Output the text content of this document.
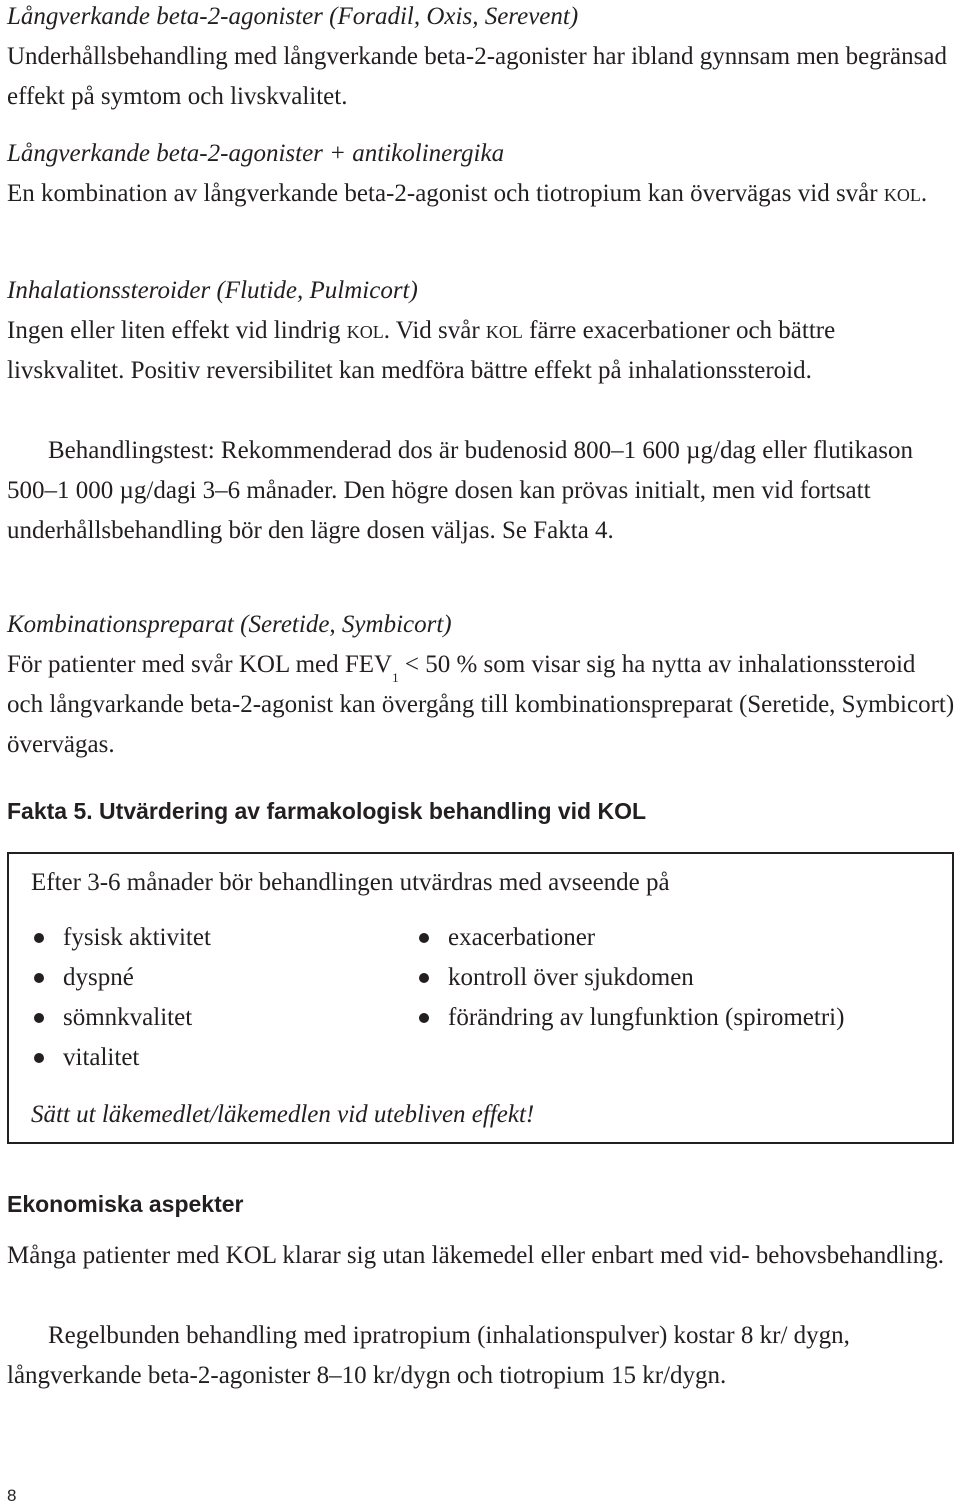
Långverkande beta-2-agonister (Foradil, Oxis, Serevent)

Underhållsbehandling med långverkande beta-2-agonister har ibland gynnsam men begränsad effekt på symtom och livskvalitet.

Långverkande beta-2-agonister + antikolinergika

En kombination av långverkande beta-2-agonist och tiotropium kan övervägas vid svår kol.

Inhalationssteroider (Flutide, Pulmicort)

Ingen eller liten effekt vid lindrig kol. Vid svår kol färre exacerbationer och bättre livskvalitet. Positiv reversibilitet kan medföra bättre effekt på inhalationssteroid.

Behandlingstest: Rekommenderad dos är budenosid 800–1 600 µg/dag eller flutikason 500–1 000 µg/dagi 3–6 månader. Den högre dosen kan prövas initialt, men vid fortsatt underhållsbehandling bör den lägre dosen väljas. Se Fakta 4.

Kombinationspreparat (Seretide, Symbicort)

För patienter med svår KOL med $FEV_1 < 50$ % som visar sig ha nytta av inhalationssteroid och långvarkande beta-2-agonist kan övergång till kombinationspreparat (Seretide, Symbicort) övervägas.

Fakta 5. Utvärdering av farmakologisk behandling vid KOL

Ekonomiska aspekter

Många patienter med KOL klarar sig utan läkemedel eller enbart med vid- behovsbehandling.

Regelbunden behandling med ipratropium (inhalationspulver) kostar 8 kr/ dygn, långverkande beta-2-agonister 8–10 kr/dygn och tiotropium 15 kr/dygn.

Efter 3-6 månader bör behandlingen utvärdras med avseende på

fysisk aktivitet
dyspné
sömnkvalitet
vitalitet
exacerbationer
kontroll över sjukdomen
förändring av lungfunktion (spirometri)

Sätt ut läkemedlet/läkemedlen vid utebliven effekt!

8
